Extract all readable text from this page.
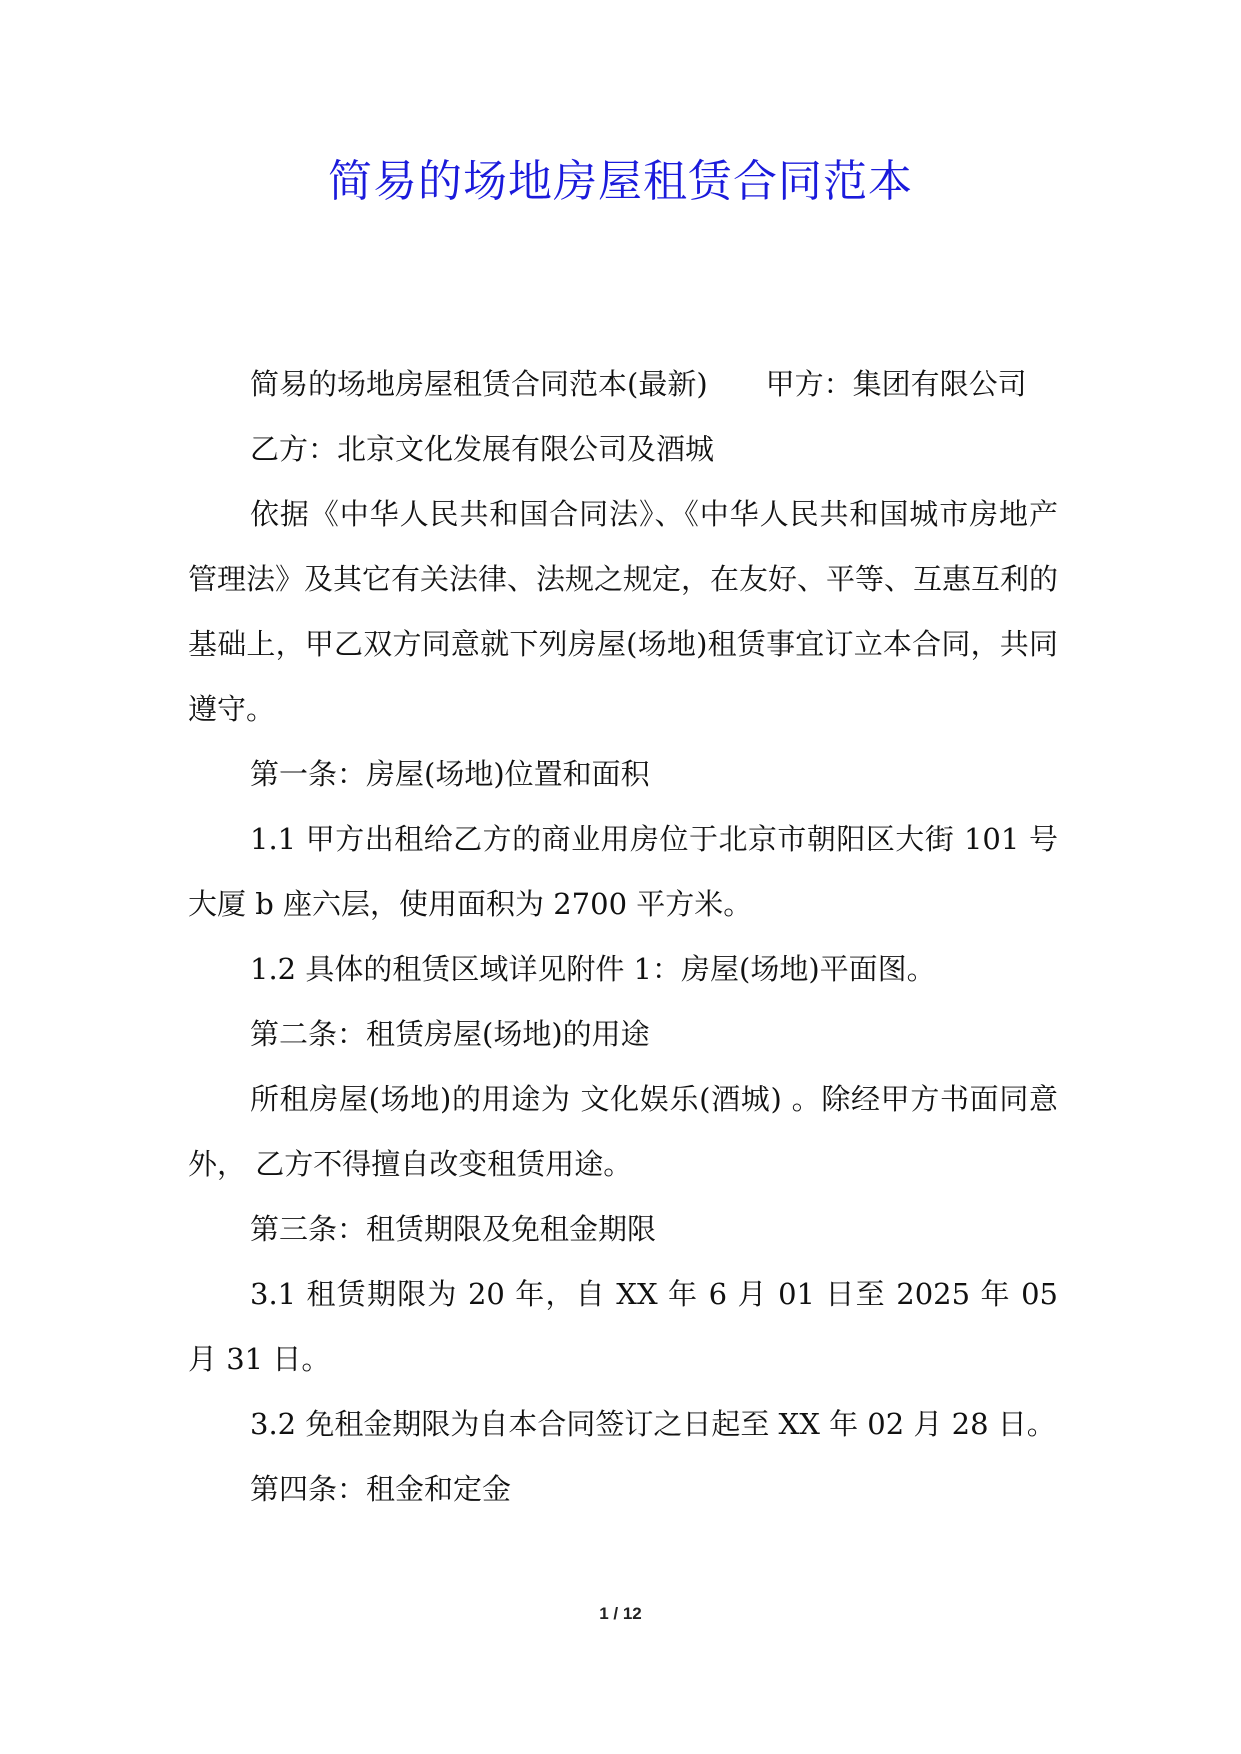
简易的场地房屋租赁合同范本

简易的场地房屋租赁合同范本(最新)　　甲方：集团有限公司

乙方：北京文化发展有限公司及酒城

依据《中华人民共和国合同法》、《中华人民共和国城市房地产管理法》及其它有关法律、法规之规定，在友好、平等、互惠互利的基础上，甲乙双方同意就下列房屋(场地)租赁事宜订立本合同，共同遵守。

第一条：房屋(场地)位置和面积

1.1 甲方出租给乙方的商业用房位于北京市朝阳区大街 101 号大厦 b 座六层，使用面积为 2700 平方米。

1.2 具体的租赁区域详见附件 1：房屋(场地)平面图。

第二条：租赁房屋(场地)的用途

所租房屋(场地)的用途为 文化娱乐(酒城) 。除经甲方书面同意外， 乙方不得擅自改变租赁用途。

第三条：租赁期限及免租金期限

3.1 租赁期限为 20 年，自 XX 年 6 月 01 日至 2025 年 05 月 31 日。

3.2 免租金期限为自本合同签订之日起至 XX 年 02 月 28 日。

第四条：租金和定金

1 / 12
